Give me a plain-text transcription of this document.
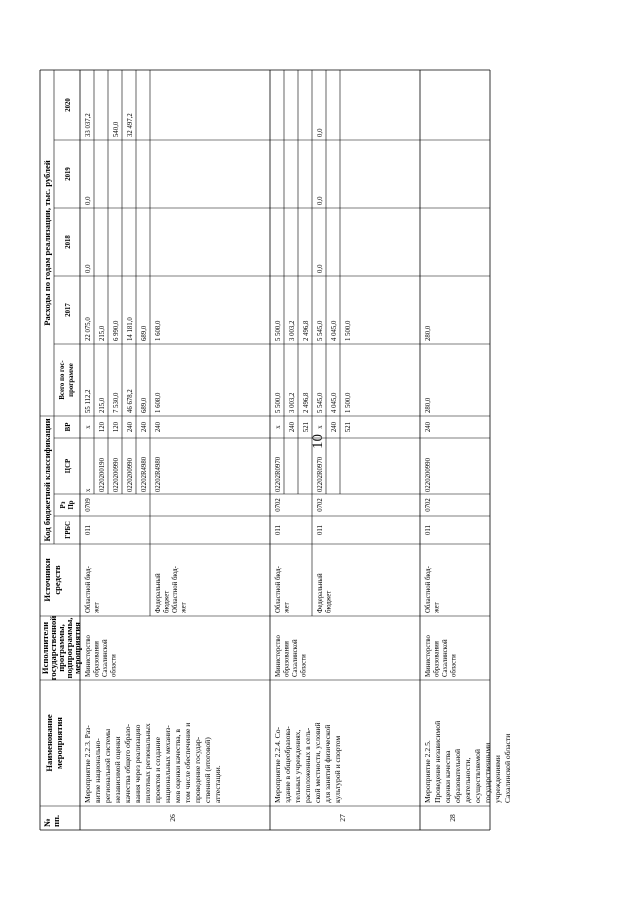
10
№ пп.
Наименование мероприятия
Исполнители
государственной
программы,
подпрограммы,
мероприятия
Источники средств
Код бюджетной классификации ГРБС
Рз Пр
ЦСР
ВР
Расходы по годам реализации, тыс. рублей
Всего по гос- программе
2017
2018
2019
2020
26
Мероприятие 2.2.3. Раз- витие национально- региональной системы независимой оценки качества общего образо- вания через реализацию пилотных региональных проектов и создание национальных механиз- мов оценки качества, в том числе обеспечение и проведение государ- ственной (итоговой) аттестации.
Министерство образования Сахалинской области
Областной бюд- жет
011
0709
x
x
55 112,2
22 075,0
0,0
0,0
33 037,2
0220200190
120
215,0
215,0
0220200990
120
7 530,0
6 990,0
540,0
0220200990
240
46 678,2
14 181,0
32 497,2
02202R4980
240
689,0
689,0
Федеральный бюджет Областной бюд- жет
02202R4980
240
1 608,0
1 608,0
27
Мероприятие 2.2.4. Со- здание в общеобразова- тельных учреждениях, расположенных в сель- ской местности, условий для занятий физической культурой и спортом
Министерство образования Сахалинской области
Областной бюд- жет
011
0702
02202R0970
x
5 500,0
5 500,0
240
3 003,2
3 003,2
521
2 496,8
2 496,8
Федеральный бюджет
011
0702
02202R0970
x
5 545,0
5 545,0
0,0
0,0
0,0
240
4 045,0
4 045,0
521
1 500,0
1 500,0
28
Мероприятие 2.2.5. Проведение независимой оценки качества образовательной деятельности, осуществляемой государственными учреждениями Сахалинской области
Министерство образования Сахалинской области
Областной бюд- жет
011
0702
0220200990
240
280,0
280,0
